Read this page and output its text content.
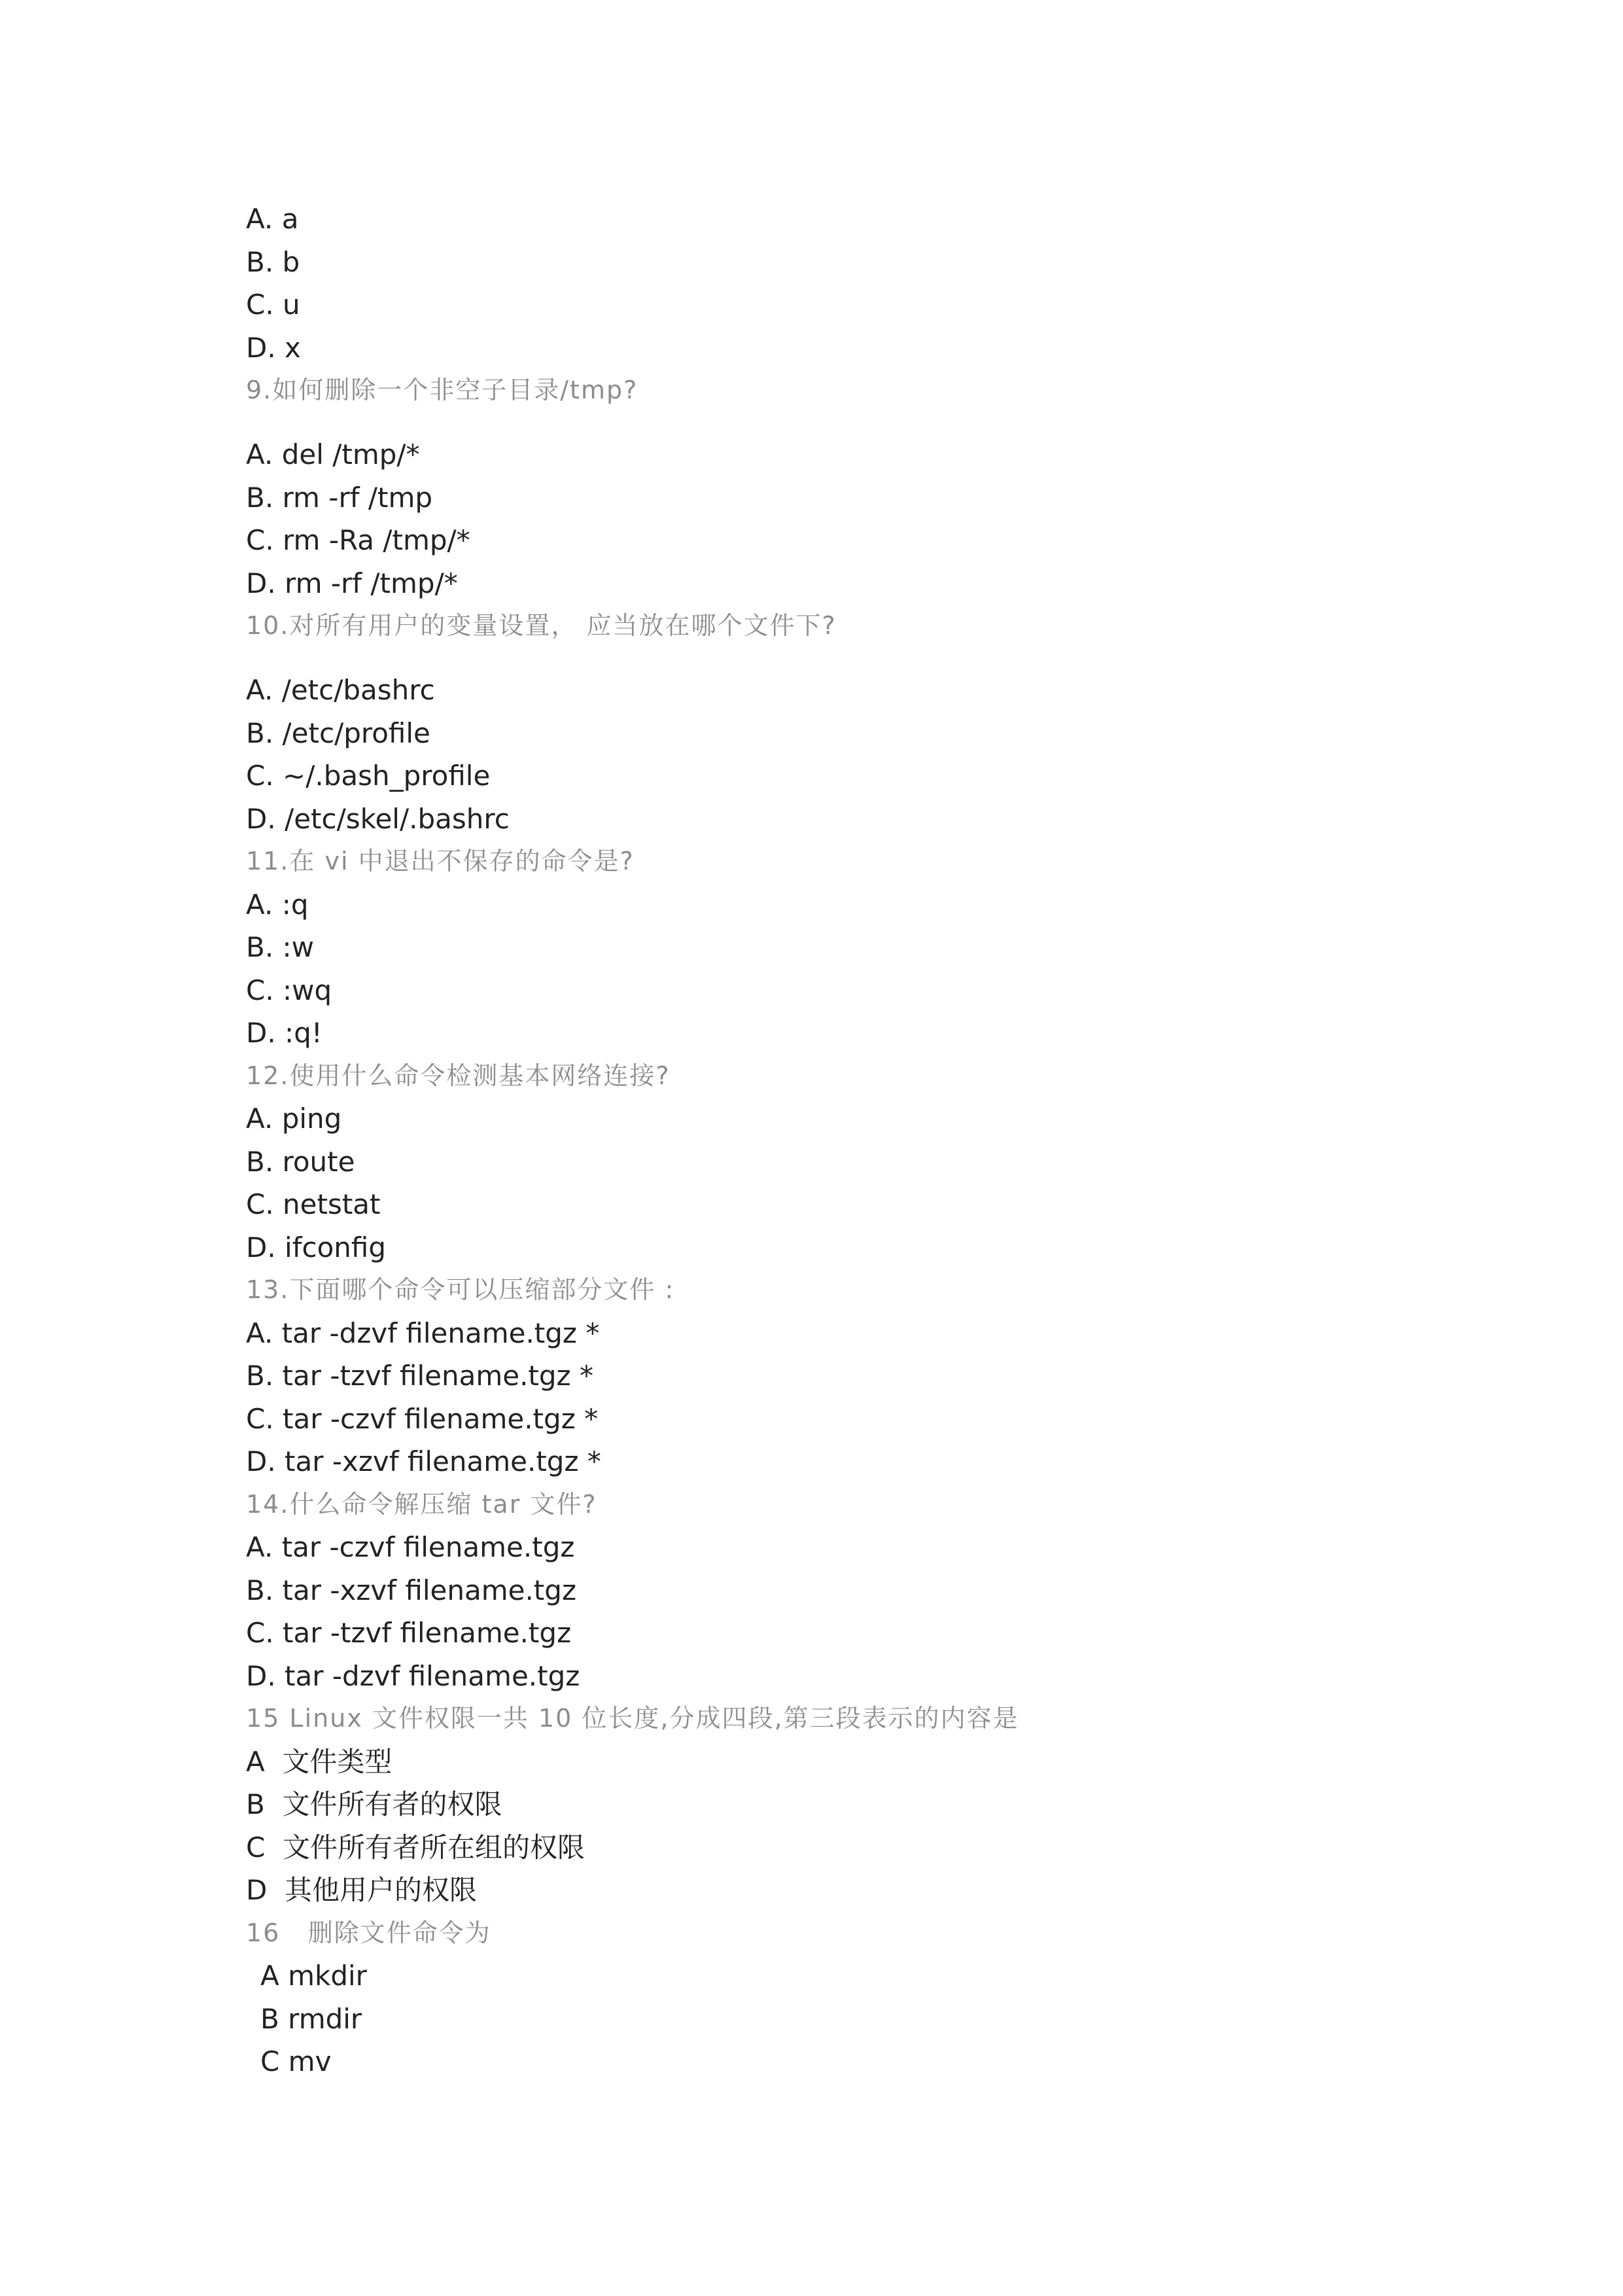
A. a
B. b
C. u
D. x
9.如何删除一个非空子目录/tmp?
A. del /tmp/*
B. rm -rf /tmp
C. rm -Ra /tmp/*
D. rm -rf /tmp/*
10.对所有用户的变量设置， 应当放在哪个文件下?
A. /etc/bashrc
B. /etc/profile
C. ~/.bash_profile
D. /etc/skel/.bashrc
11.在 vi 中退出不保存的命令是?
A. :q
B. :w
C. :wq
D. :q!
12.使用什么命令检测基本网络连接?
A. ping
B. route
C. netstat
D. ifconfig
13.下面哪个命令可以压缩部分文件 :
A. tar -dzvf filename.tgz *
B. tar -tzvf filename.tgz *
C. tar -czvf filename.tgz *
D. tar -xzvf filename.tgz *
14.什么命令解压缩 tar 文件?
A. tar -czvf filename.tgz
B. tar -xzvf filename.tgz
C. tar -tzvf filename.tgz
D. tar -dzvf filename.tgz
15 Linux 文件权限一共 10 位长度,分成四段,第三段表示的内容是
A  文件类型
B  文件所有者的权限
C  文件所有者所在组的权限
D  其他用户的权限
16   删除文件命令为
A mkdir
B rmdir
C mv
